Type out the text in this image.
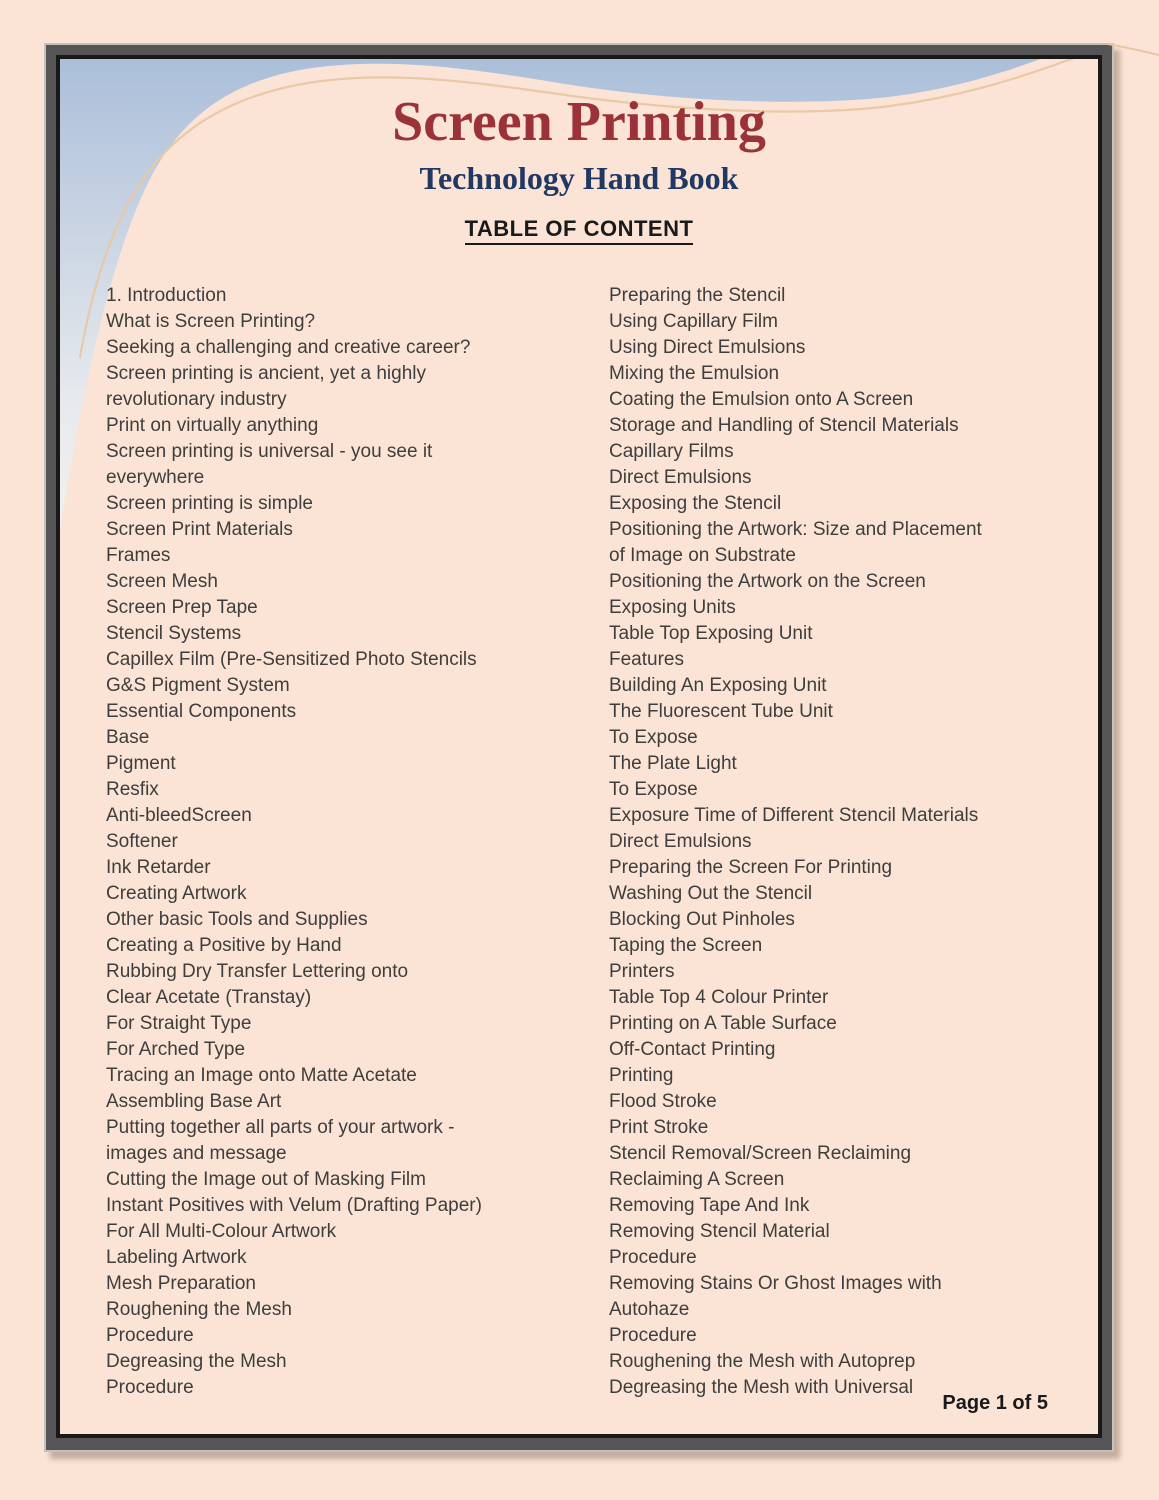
Screen Printing
Technology Hand Book
TABLE OF CONTENT
1. Introduction
What is Screen Printing?
Seeking a challenging and creative career?
Screen printing is ancient, yet a highly
revolutionary industry
Print on virtually anything
Screen printing is universal - you see it
everywhere
Screen printing is simple
Screen Print Materials
Frames
Screen Mesh
Screen Prep Tape
Stencil Systems
Capillex Film (Pre-Sensitized Photo Stencils
G&S Pigment System
Essential Components
Base
Pigment
Resfix
Anti-bleedScreen
Softener
Ink Retarder
Creating Artwork
Other basic Tools and Supplies
Creating a Positive by Hand
Rubbing Dry Transfer Lettering onto
Clear Acetate (Transtay)
For Straight Type
For Arched Type
Tracing an Image onto Matte Acetate
Assembling Base Art
Putting together all parts of your artwork -
images and message
Cutting the Image out of Masking Film
Instant Positives with Velum (Drafting Paper)
For All Multi-Colour Artwork
Labeling Artwork
Mesh Preparation
Roughening the Mesh
Procedure
Degreasing the Mesh
Procedure
Preparing the Stencil
Using Capillary Film
Using Direct Emulsions
Mixing the Emulsion
Coating the Emulsion onto A Screen
Storage and Handling of Stencil Materials
Capillary Films
Direct Emulsions
Exposing the Stencil
Positioning the Artwork: Size and Placement
of Image on Substrate
Positioning the Artwork on the Screen
Exposing Units
Table Top Exposing Unit
Features
Building An Exposing Unit
The Fluorescent Tube Unit
To Expose
The Plate Light
To Expose
Exposure Time of Different Stencil Materials
Direct Emulsions
Preparing the Screen For Printing
Washing Out the Stencil
Blocking Out Pinholes
Taping the Screen
Printers
Table Top 4 Colour Printer
Printing on A Table Surface
Off-Contact Printing
Printing
Flood Stroke
Print Stroke
Stencil Removal/Screen Reclaiming
Reclaiming A Screen
Removing Tape And Ink
Removing Stencil Material
Procedure
Removing Stains Or Ghost Images with
Autohaze
Procedure
Roughening the Mesh with Autoprep
Degreasing the Mesh with Universal
Page 1 of 5
